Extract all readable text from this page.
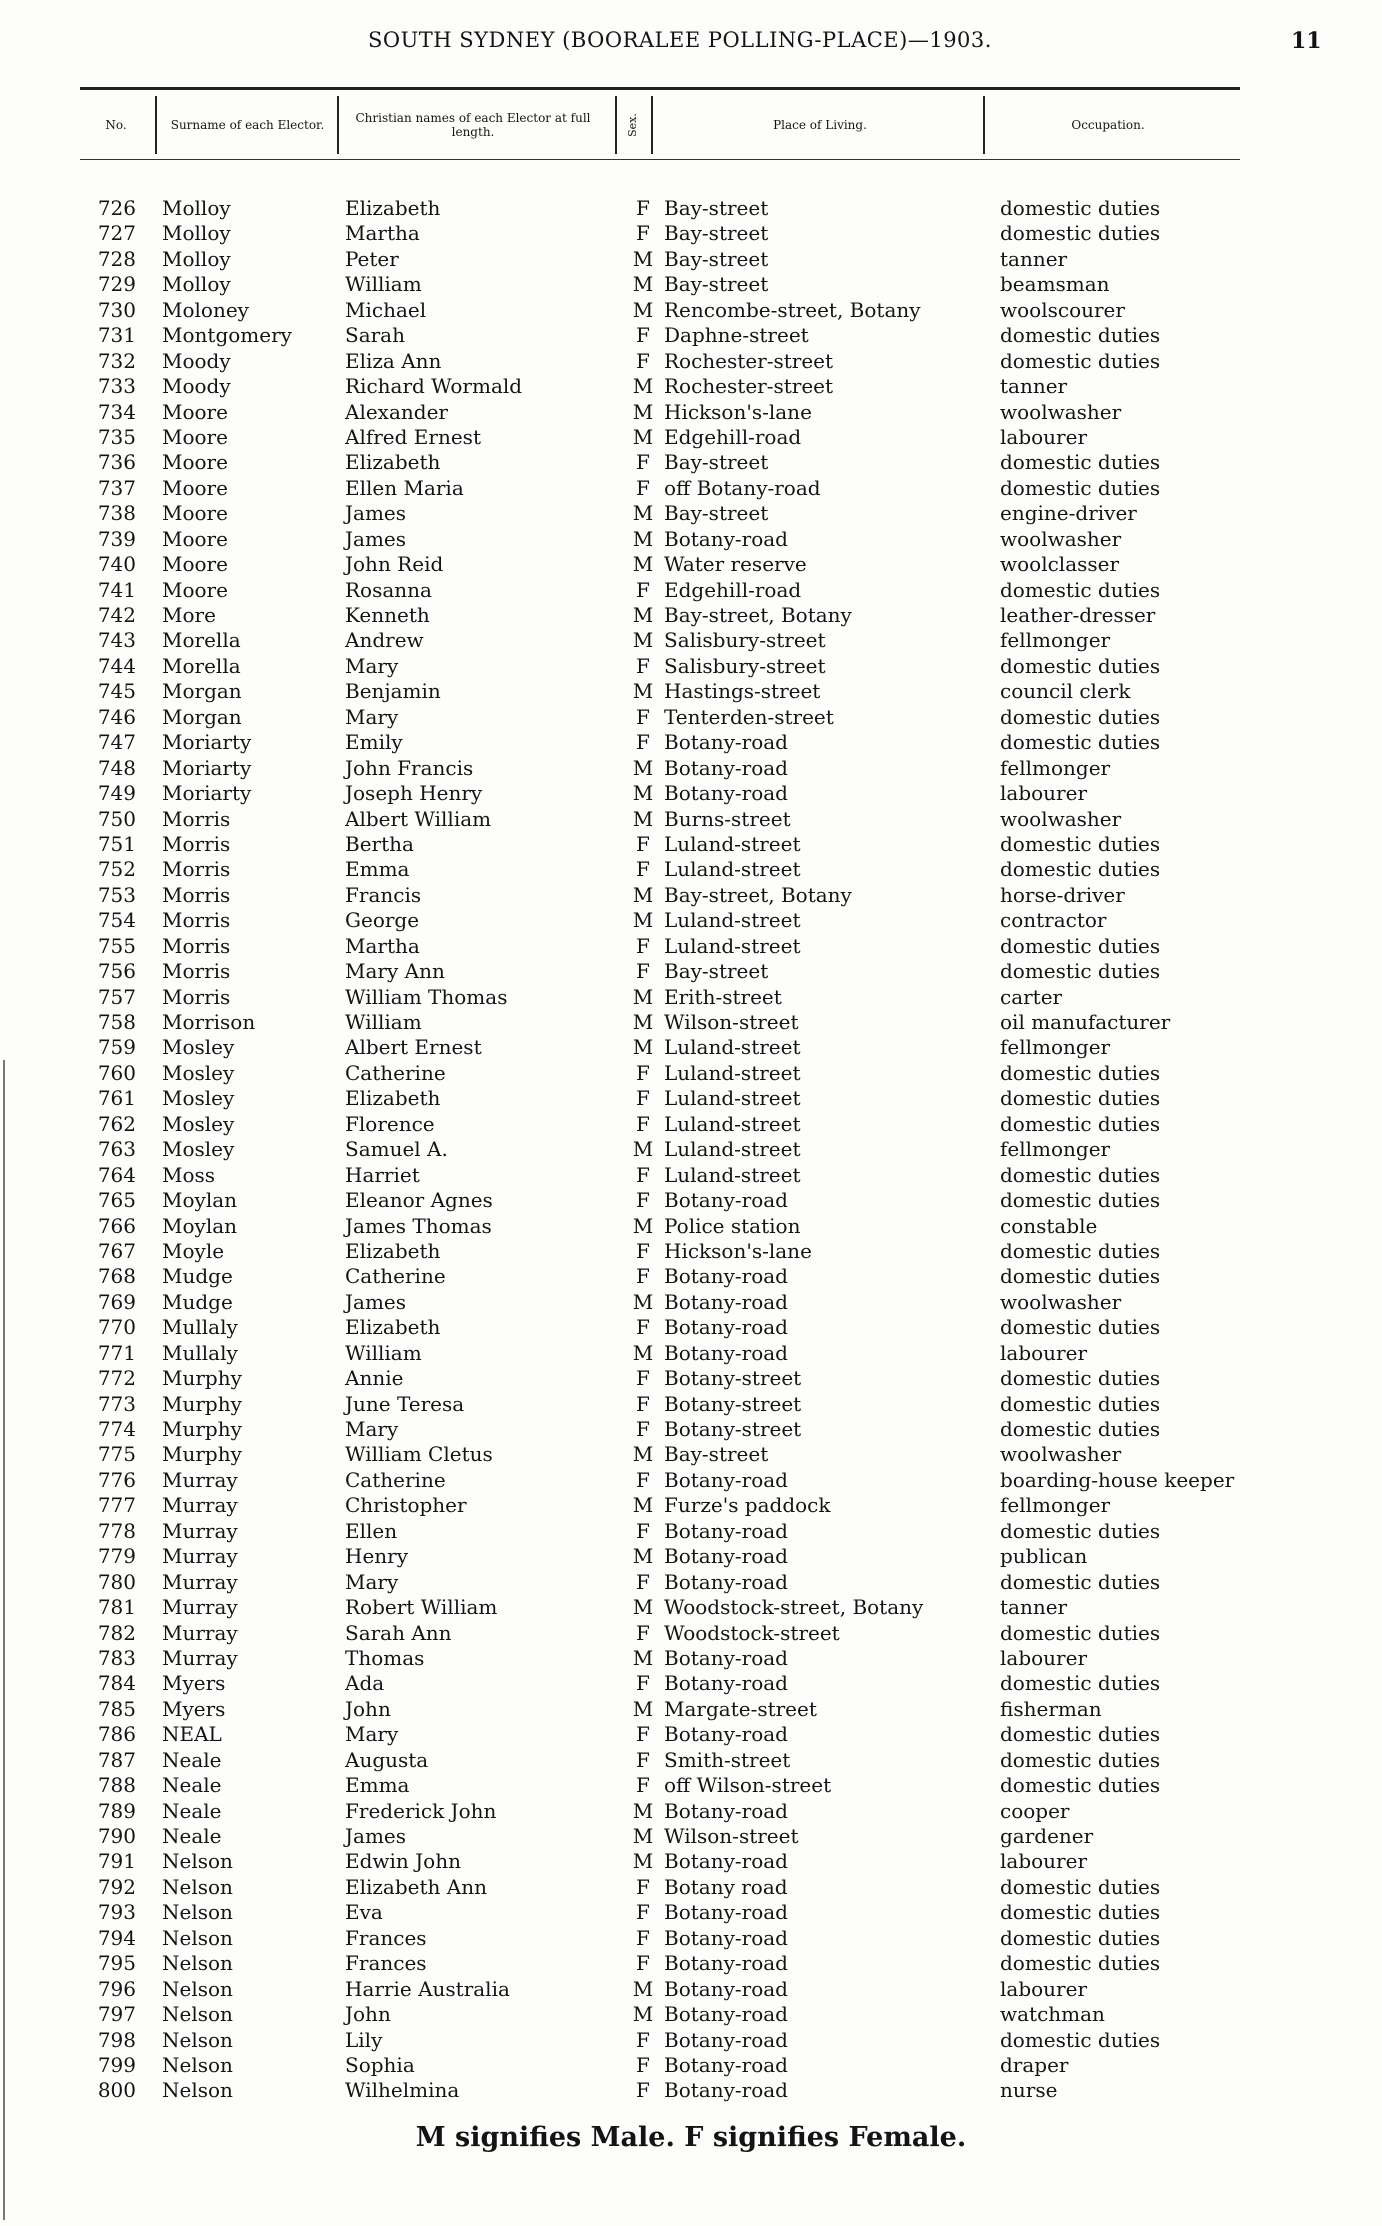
SOUTH SYDNEY (BOORALEE POLLING-PLACE)—1903.	11
No.	Surname of each Elector.	Christian names of each Elector at full length.	Sex.	Place of Living.	Occupation.
726 Molloy	Elizabeth	F Bay-street	domestic duties
727 Molloy	Martha	F Bay-street	domestic duties
728 Molloy	Peter	M Bay-street	tanner
729 Molloy	William	M Bay-street	beamsman
730 Moloney	Michael	M Rencombe-street, Botany	woolscourer
731 Montgomery	Sarah	F Daphne-street	domestic duties
732 Moody	Eliza Ann	F Rochester-street	domestic duties
733 Moody	Richard Wormald	M Rochester-street	tanner
734 Moore	Alexander	M Hickson's-lane	woolwasher
735 Moore	Alfred Ernest	M Edgehill-road	labourer
736 Moore	Elizabeth	F Bay-street	domestic duties
737 Moore	Ellen Maria	F off Botany-road	domestic duties
738 Moore	James	M Bay-street	engine-driver
739 Moore	James	M Botany-road	woolwasher
740 Moore	John Reid	M Water reserve	woolclasser
741 Moore	Rosanna	F Edgehill-road	domestic duties
742 More	Kenneth	M Bay-street, Botany	leather-dresser
743 Morella	Andrew	M Salisbury-street	fellmonger
744 Morella	Mary	F Salisbury-street	domestic duties
745 Morgan	Benjamin	M Hastings-street	council clerk
746 Morgan	Mary	F Tenterden-street	domestic duties
747 Moriarty	Emily	F Botany-road	domestic duties
748 Moriarty	John Francis	M Botany-road	fellmonger
749 Moriarty	Joseph Henry	M Botany-road	labourer
750 Morris	Albert William	M Burns-street	woolwasher
751 Morris	Bertha	F Luland-street	domestic duties
752 Morris	Emma	F Luland-street	domestic duties
753 Morris	Francis	M Bay-street, Botany	horse-driver
754 Morris	George	M Luland-street	contractor
755 Morris	Martha	F Luland-street	domestic duties
756 Morris	Mary Ann	F Bay-street	domestic duties
757 Morris	William Thomas	M Erith-street	carter
758 Morrison	William	M Wilson-street	oil manufacturer
759 Mosley	Albert Ernest	M Luland-street	fellmonger
760 Mosley	Catherine	F Luland-street	domestic duties
761 Mosley	Elizabeth	F Luland-street	domestic duties
762 Mosley	Florence	F Luland-street	domestic duties
763 Mosley	Samuel A.	M Luland-street	fellmonger
764 Moss	Harriet	F Luland-street	domestic duties
765 Moylan	Eleanor Agnes	F Botany-road	domestic duties
766 Moylan	James Thomas	M Police station	constable
767 Moyle	Elizabeth	F Hickson's-lane	domestic duties
768 Mudge	Catherine	F Botany-road	domestic duties
769 Mudge	James	M Botany-road	woolwasher
770 Mullaly	Elizabeth	F Botany-road	domestic duties
771 Mullaly	William	M Botany-road	labourer
772 Murphy	Annie	F Botany-street	domestic duties
773 Murphy	June Teresa	F Botany-street	domestic duties
774 Murphy	Mary	F Botany-street	domestic duties
775 Murphy	William Cletus	M Bay-street	woolwasher
776 Murray	Catherine	F Botany-road	boarding-house keeper
777 Murray	Christopher	M Furze's paddock	fellmonger
778 Murray	Ellen	F Botany-road	domestic duties
779 Murray	Henry	M Botany-road	publican
780 Murray	Mary	F Botany-road	domestic duties
781 Murray	Robert William	M Woodstock-street, Botany	tanner
782 Murray	Sarah Ann	F Woodstock-street	domestic duties
783 Murray	Thomas	M Botany-road	labourer
784 Myers	Ada	F Botany-road	domestic duties
785 Myers	John	M Margate-street	fisherman
786 NEAL	Mary	F Botany-road	domestic duties
787 Neale	Augusta	F Smith-street	domestic duties
788 Neale	Emma	F off Wilson-street	domestic duties
789 Neale	Frederick John	M Botany-road	cooper
790 Neale	James	M Wilson-street	gardener
791 Nelson	Edwin John	M Botany-road	labourer
792 Nelson	Elizabeth Ann	F Botany road	domestic duties
793 Nelson	Eva	F Botany-road	domestic duties
794 Nelson	Frances	F Botany-road	domestic duties
795 Nelson	Frances	F Botany-road	domestic duties
796 Nelson	Harrie Australia	M Botany-road	labourer
797 Nelson	John	M Botany-road	watchman
798 Nelson	Lily	F Botany-road	domestic duties
799 Nelson	Sophia	F Botany-road	draper
800 Nelson	Wilhelmina	F Botany-road	nurse
M signifies Male. F signifies Female.
